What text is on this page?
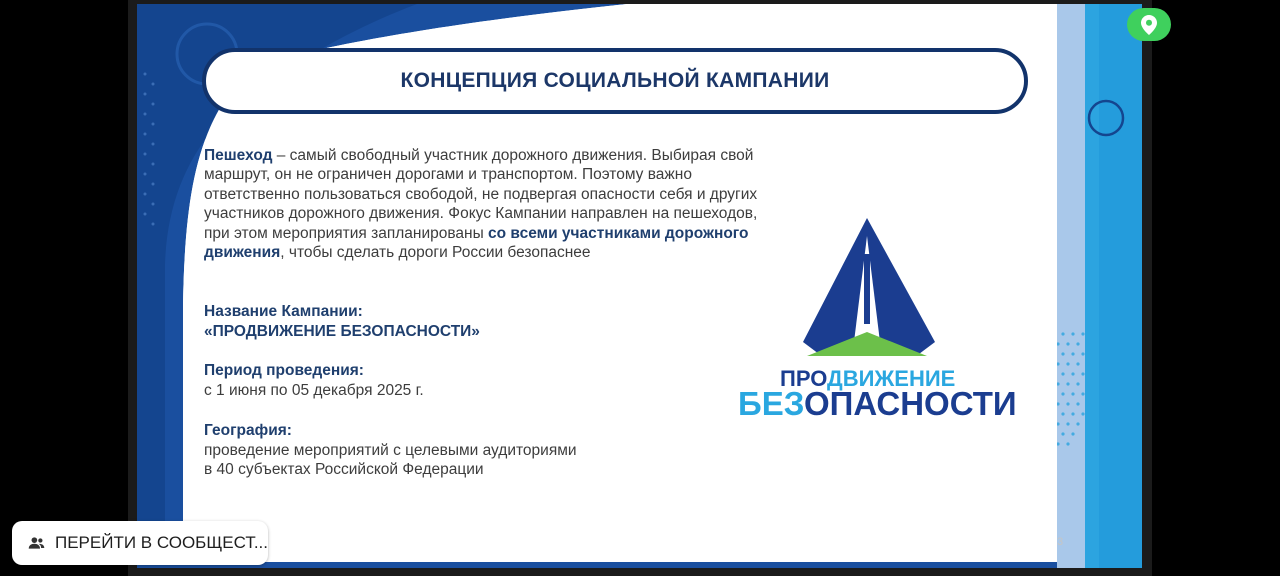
КОНЦЕПЦИЯ СОЦИАЛЬНОЙ КАМПАНИИ
Пешеход – самый свободный участник дорожного движения. Выбирая свой маршрут, он не ограничен дорогами и транспортом. Поэтому важно ответственно пользоваться свободой, не подвергая опасности себя и других участников дорожного движения. Фокус Кампании направлен на пешеходов, при этом мероприятия запланированы со всеми участниками дорожного движения, чтобы сделать дороги России безопаснее
Название Кампании:
«ПРОДВИЖЕНИЕ БЕЗОПАСНОСТИ»
Период проведения:
с 1 июня по 05 декабря 2025 г.
География:
проведение мероприятий с целевыми аудиториями
в 40 субъектах Российской Федерации
ПРОДВИЖЕНИЕ
БЕЗОПАСНОСТИ
3
ПЕРЕЙТИ В СООБЩЕСТ...
